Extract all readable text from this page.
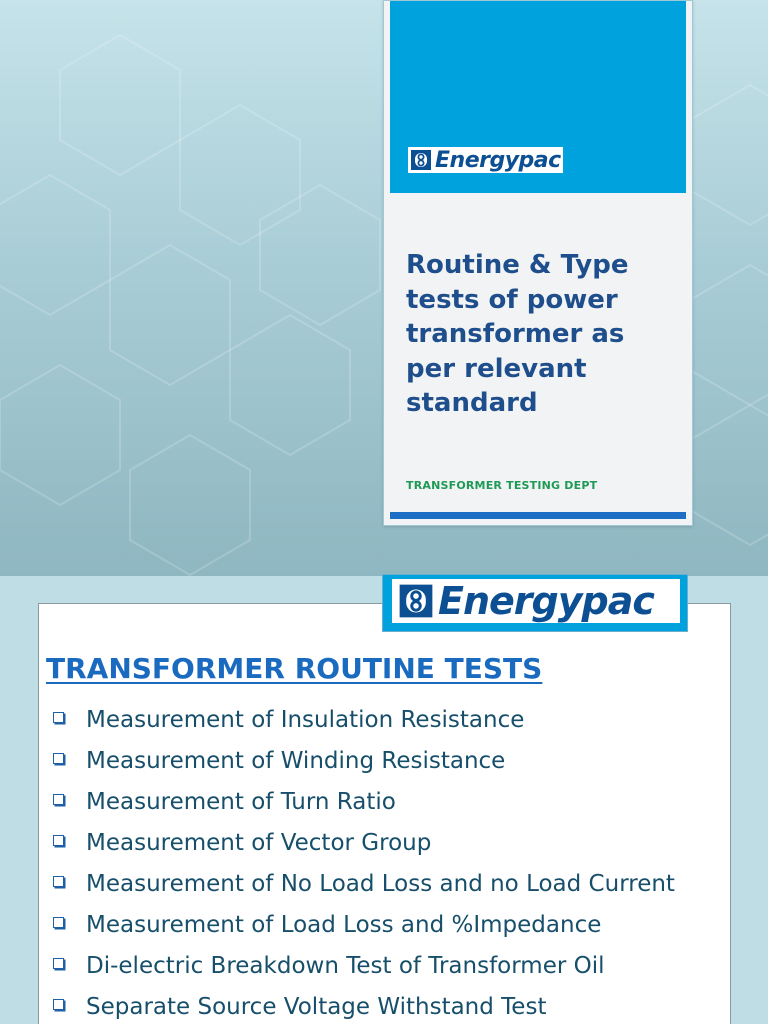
Energypac
Routine & Type tests of power transformer as per relevant standard
TRANSFORMER TESTING DEPT
Energypac
TRANSFORMER ROUTINE TESTS
Measurement of Insulation Resistance
Measurement of Winding Resistance
Measurement of Turn Ratio
Measurement of Vector Group
Measurement of No Load Loss and no Load Current
Measurement of Load Loss and %Impedance
Di-electric Breakdown Test of Transformer Oil
Separate Source Voltage Withstand Test
